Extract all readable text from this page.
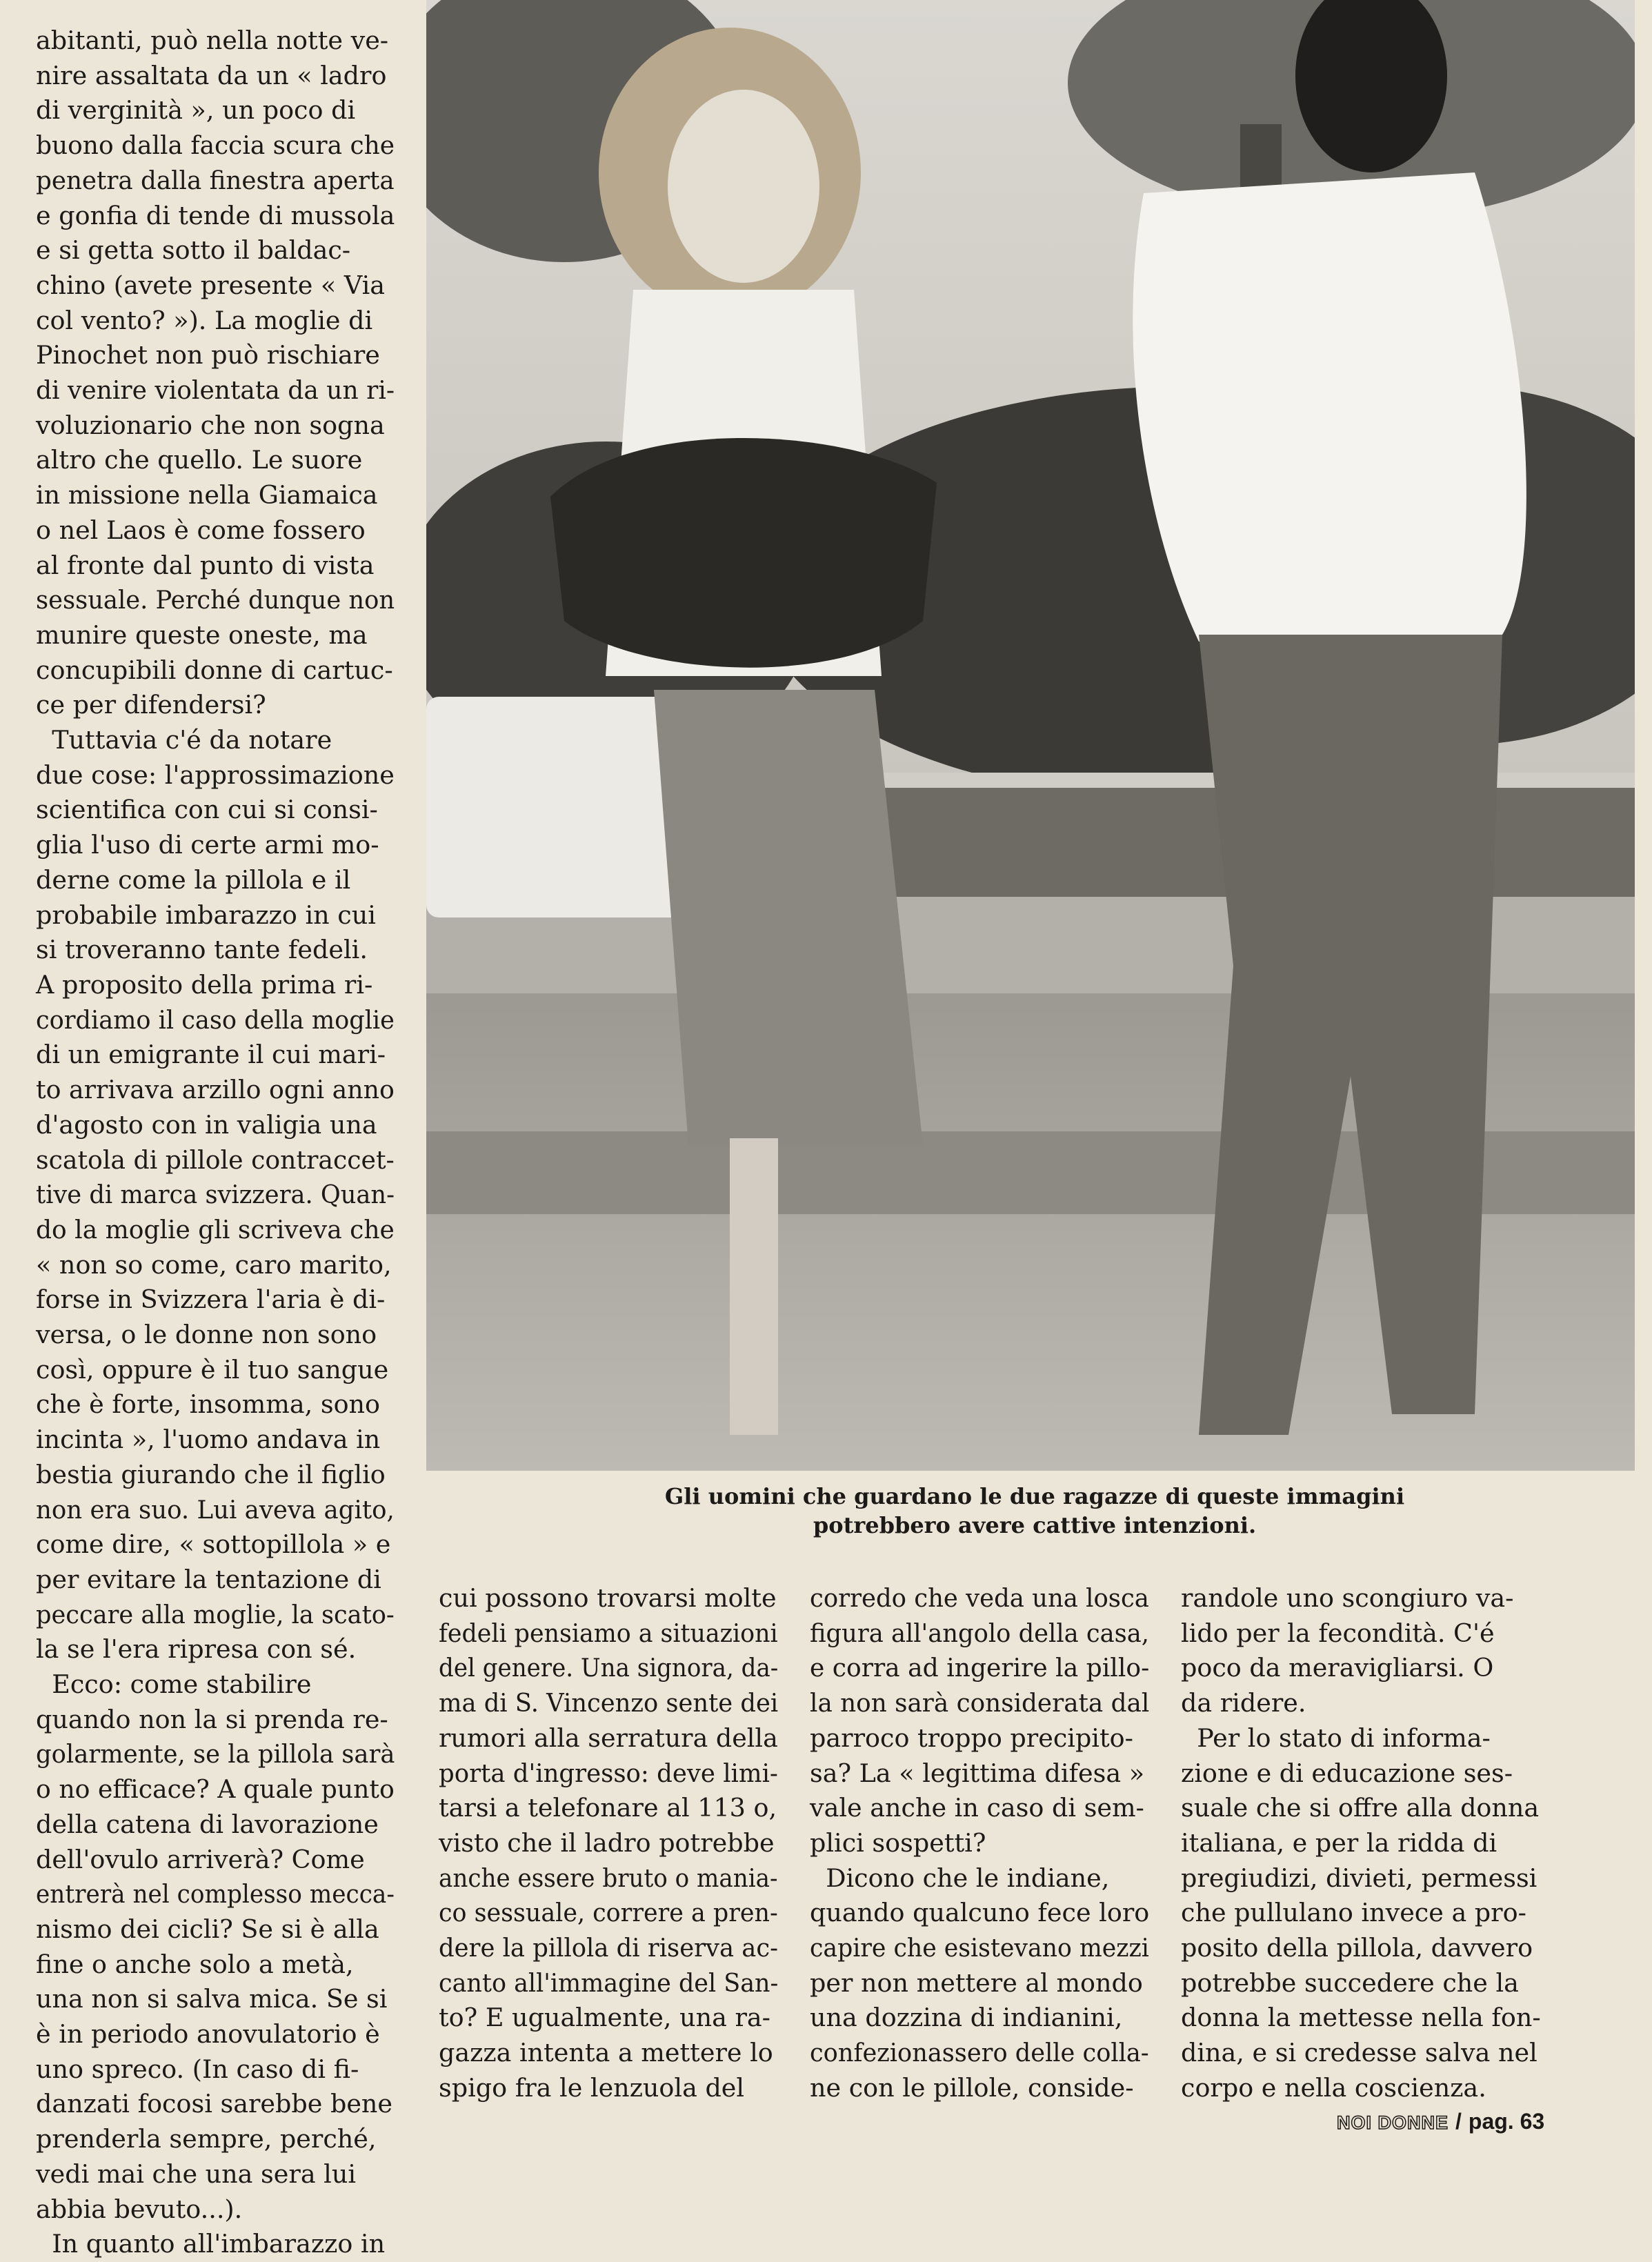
abitanti, può nella notte ve-

nire assaltata da un « ladro

di verginità », un poco di

buono dalla faccia scura che

penetra dalla finestra aperta

e gonfia di tende di mussola

e si getta sotto il baldac-

chino (avete presente « Via

col vento? »). La moglie di

Pinochet non può rischiare

di venire violentata da un ri-

voluzionario che non sogna

altro che quello. Le suore

in missione nella Giamaica

o nel Laos è come fossero

al fronte dal punto di vista

sessuale. Perché dunque non

munire queste oneste, ma

concupibili donne di cartuc-

ce per difendersi?

Tuttavia c'é da notare

due cose: l'approssimazione

scientifica con cui si consi-

glia l'uso di certe armi mo-

derne come la pillola e il

probabile imbarazzo in cui

si troveranno tante fedeli.

A proposito della prima ri-

cordiamo il caso della moglie

di un emigrante il cui mari-

to arrivava arzillo ogni anno

d'agosto con in valigia una

scatola di pillole contraccet-

tive di marca svizzera. Quan-

do la moglie gli scriveva che

« non so come, caro marito,

forse in Svizzera l'aria è di-

versa, o le donne non sono

così, oppure è il tuo sangue

che è forte, insomma, sono

incinta », l'uomo andava in

bestia giurando che il figlio

non era suo. Lui aveva agito,

come dire, « sottopillola » e

per evitare la tentazione di

peccare alla moglie, la scato-

la se l'era ripresa con sé.

Ecco: come stabilire

quando non la si prenda re-

golarmente, se la pillola sarà

o no efficace? A quale punto

della catena di lavorazione

dell'ovulo arriverà? Come

entrerà nel complesso mecca-

nismo dei cicli? Se si è alla

fine o anche solo a metà,

una non si salva mica. Se si

è in periodo anovulatorio è

uno spreco. (In caso di fi-

danzati focosi sarebbe bene

prenderla sempre, perché,

vedi mai che una sera lui

abbia bevuto...).

In quanto all'imbarazzo in

Gli uomini che guardano le due ragazze di queste immagini

potrebbero avere cattive intenzioni.

cui possono trovarsi molte

fedeli pensiamo a situazioni

del genere. Una signora, da-

ma di S. Vincenzo sente dei

rumori alla serratura della

porta d'ingresso: deve limi-

tarsi a telefonare al 113 o,

visto che il ladro potrebbe

anche essere bruto o mania-

co sessuale, correre a pren-

dere la pillola di riserva ac-

canto all'immagine del San-

to? E ugualmente, una ra-

gazza intenta a mettere lo

spigo fra le lenzuola del

corredo che veda una losca

figura all'angolo della casa,

e corra ad ingerire la pillo-

la non sarà considerata dal

parroco troppo precipito-

sa? La « legittima difesa »

vale anche in caso di sem-

plici sospetti?

Dicono che le indiane,

quando qualcuno fece loro

capire che esistevano mezzi

per non mettere al mondo

una dozzina di indianini,

confezionassero delle colla-

ne con le pillole, conside-

randole uno scongiuro va-

lido per la fecondità. C'é

poco da meravigliarsi. O

da ridere.

Per lo stato di informa-

zione e di educazione ses-

suale che si offre alla donna

italiana, e per la ridda di

pregiudizi, divieti, permessi

che pullulano invece a pro-

posito della pillola, davvero

potrebbe succedere che la

donna la mettesse nella fon-

dina, e si credesse salva nel

corpo e nella coscienza.

NOI DONNE / pag. 63
